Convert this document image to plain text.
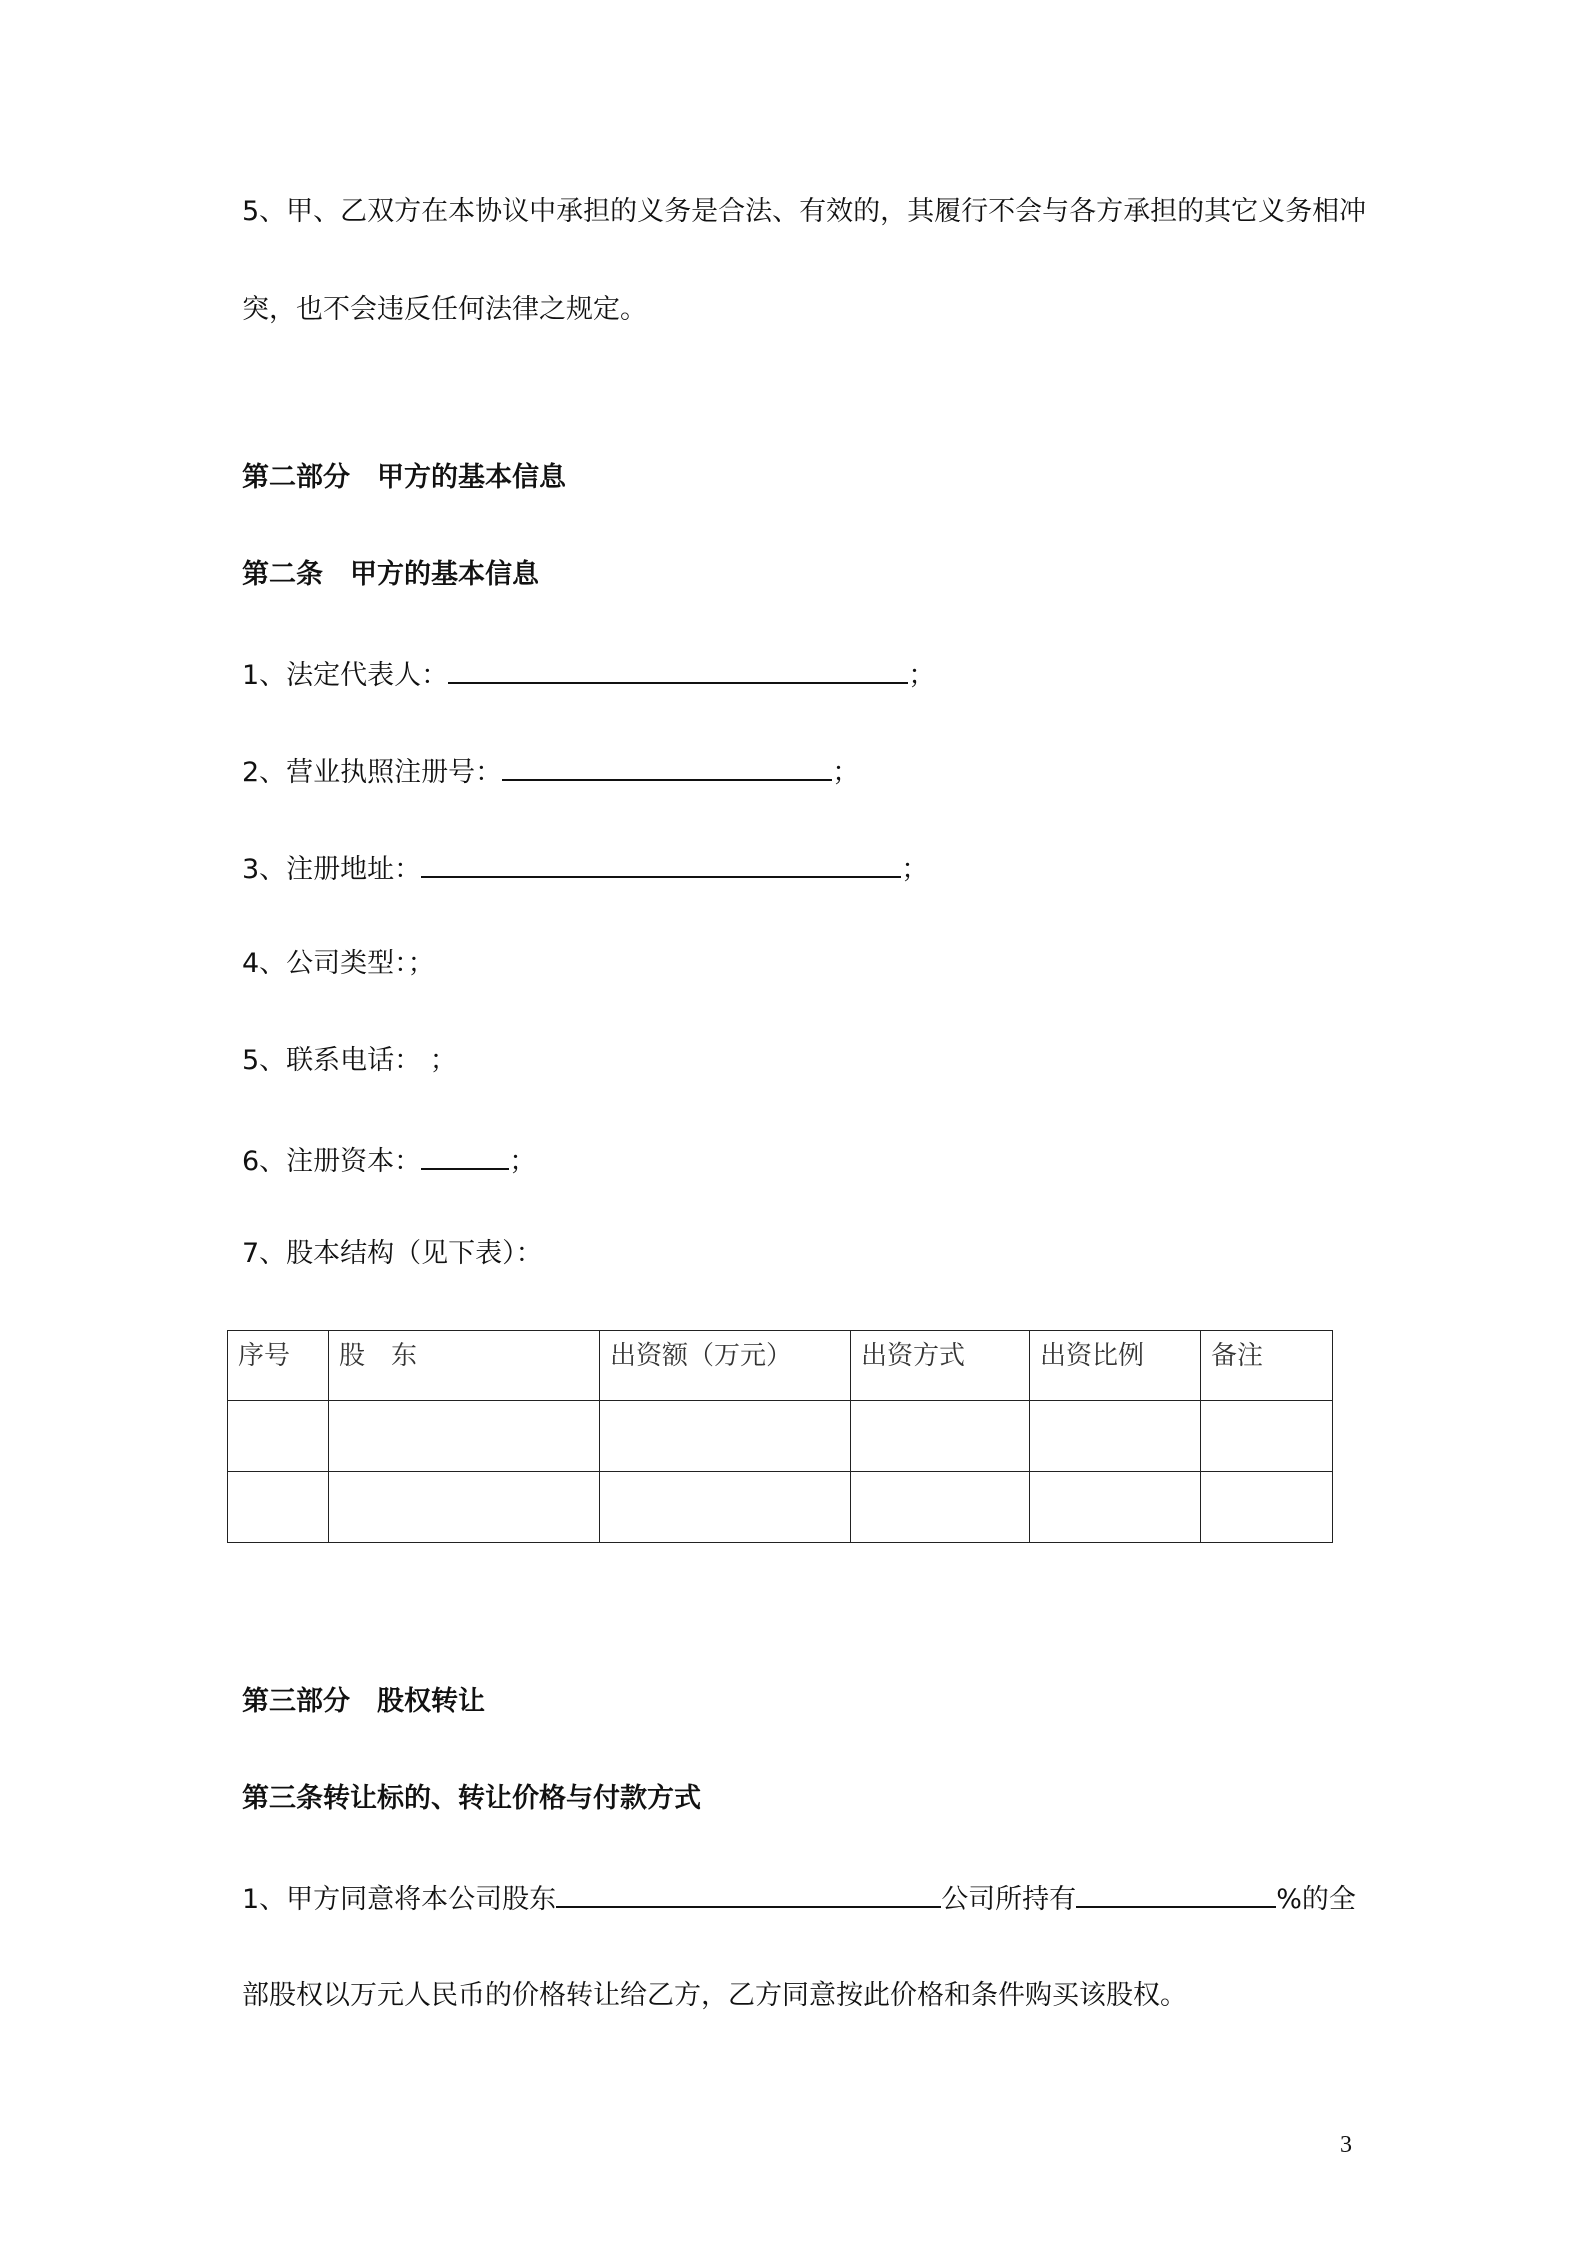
5、甲、乙双方在本协议中承担的义务是合法、有效的，其履行不会与各方承担的其它义务相冲
突，也不会违反任何法律之规定。
第二部分　甲方的基本信息
第二条　甲方的基本信息
1、法定代表人：	；
2、营业执照注册号：	；
3、注册地址：	；
4、公司类型：；
5、联系电话： ；
6、注册资本：	；
7、股本结构（见下表）：
序号	股　东	出资额（万元）	出资方式	出资比例	备注

第三部分　股权转让
第三条转让标的、转让价格与付款方式
1、甲方同意将本公司股东	公司所持有	%的全
部股权以万元人民币的价格转让给乙方，乙方同意按此价格和条件购买该股权。
3
